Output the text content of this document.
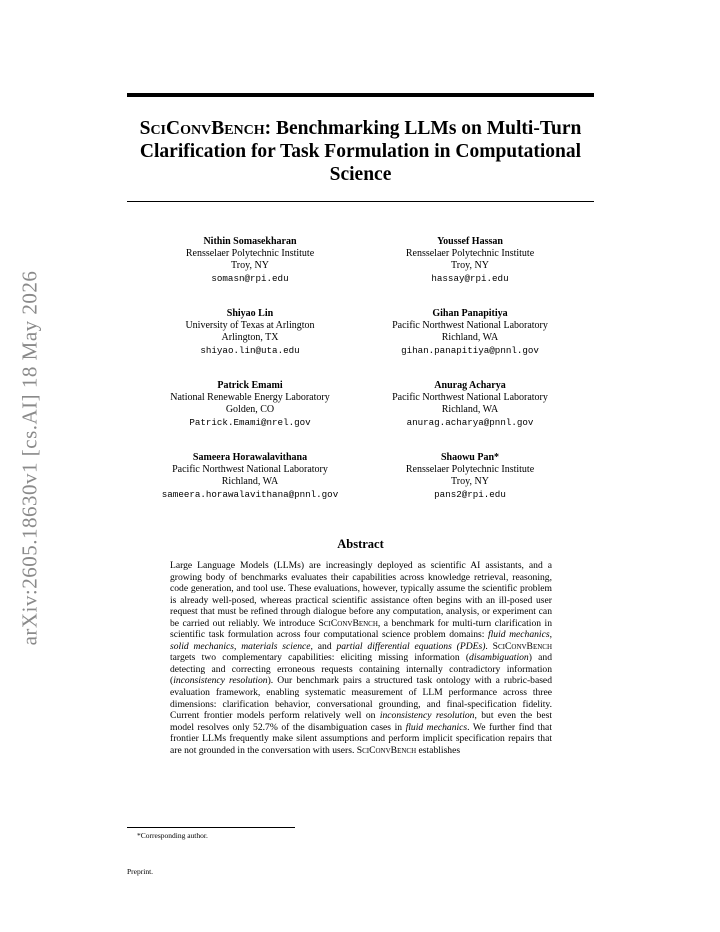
arXiv:2605.18630v1 [cs.AI] 18 May 2026
SciConvBench: Benchmarking LLMs on Multi-Turn Clarification for Task Formulation in Computational Science
Nithin Somasekharan
Rensselaer Polytechnic Institute
Troy, NY
somasn@rpi.edu
Youssef Hassan
Rensselaer Polytechnic Institute
Troy, NY
hassay@rpi.edu
Shiyao Lin
University of Texas at Arlington
Arlington, TX
shiyao.lin@uta.edu
Gihan Panapitiya
Pacific Northwest National Laboratory
Richland, WA
gihan.panapitiya@pnnl.gov
Patrick Emami
National Renewable Energy Laboratory
Golden, CO
Patrick.Emami@nrel.gov
Anurag Acharya
Pacific Northwest National Laboratory
Richland, WA
anurag.acharya@pnnl.gov
Sameera Horawalavithana
Pacific Northwest National Laboratory
Richland, WA
sameera.horawalavithana@pnnl.gov
Shaowu Pan*
Rensselaer Polytechnic Institute
Troy, NY
pans2@rpi.edu
Abstract

Large Language Models (LLMs) are increasingly deployed as scientific AI assistants, and a growing body of benchmarks evaluates their capabilities across knowledge retrieval, reasoning, code generation, and tool use. These evaluations, however, typically assume the scientific problem is already well-posed, whereas practical scientific assistance often begins with an ill-posed user request that must be refined through dialogue before any computation, analysis, or experiment can be carried out reliably. We introduce SciConvBench, a benchmark for multi-turn clarification in scientific task formulation across four computational science problem domains: fluid mechanics, solid mechanics, materials science, and partial differential equations (PDEs). SciConvBench targets two complementary capabilities: eliciting missing information (disambiguation) and detecting and correcting erroneous requests containing internally contradictory information (inconsistency resolution). Our benchmark pairs a structured task ontology with a rubric-based evaluation framework, enabling systematic measurement of LLM performance across three dimensions: clarification behavior, conversational grounding, and final-specification fidelity. Current frontier models perform relatively well on inconsistency resolution, but even the best model resolves only 52.7% of the disambiguation cases in fluid mechanics. We further find that frontier LLMs frequently make silent assumptions and perform implicit specification repairs that are not grounded in the conversation with users. SciConvBench establishes

*Corresponding author.
Preprint.
